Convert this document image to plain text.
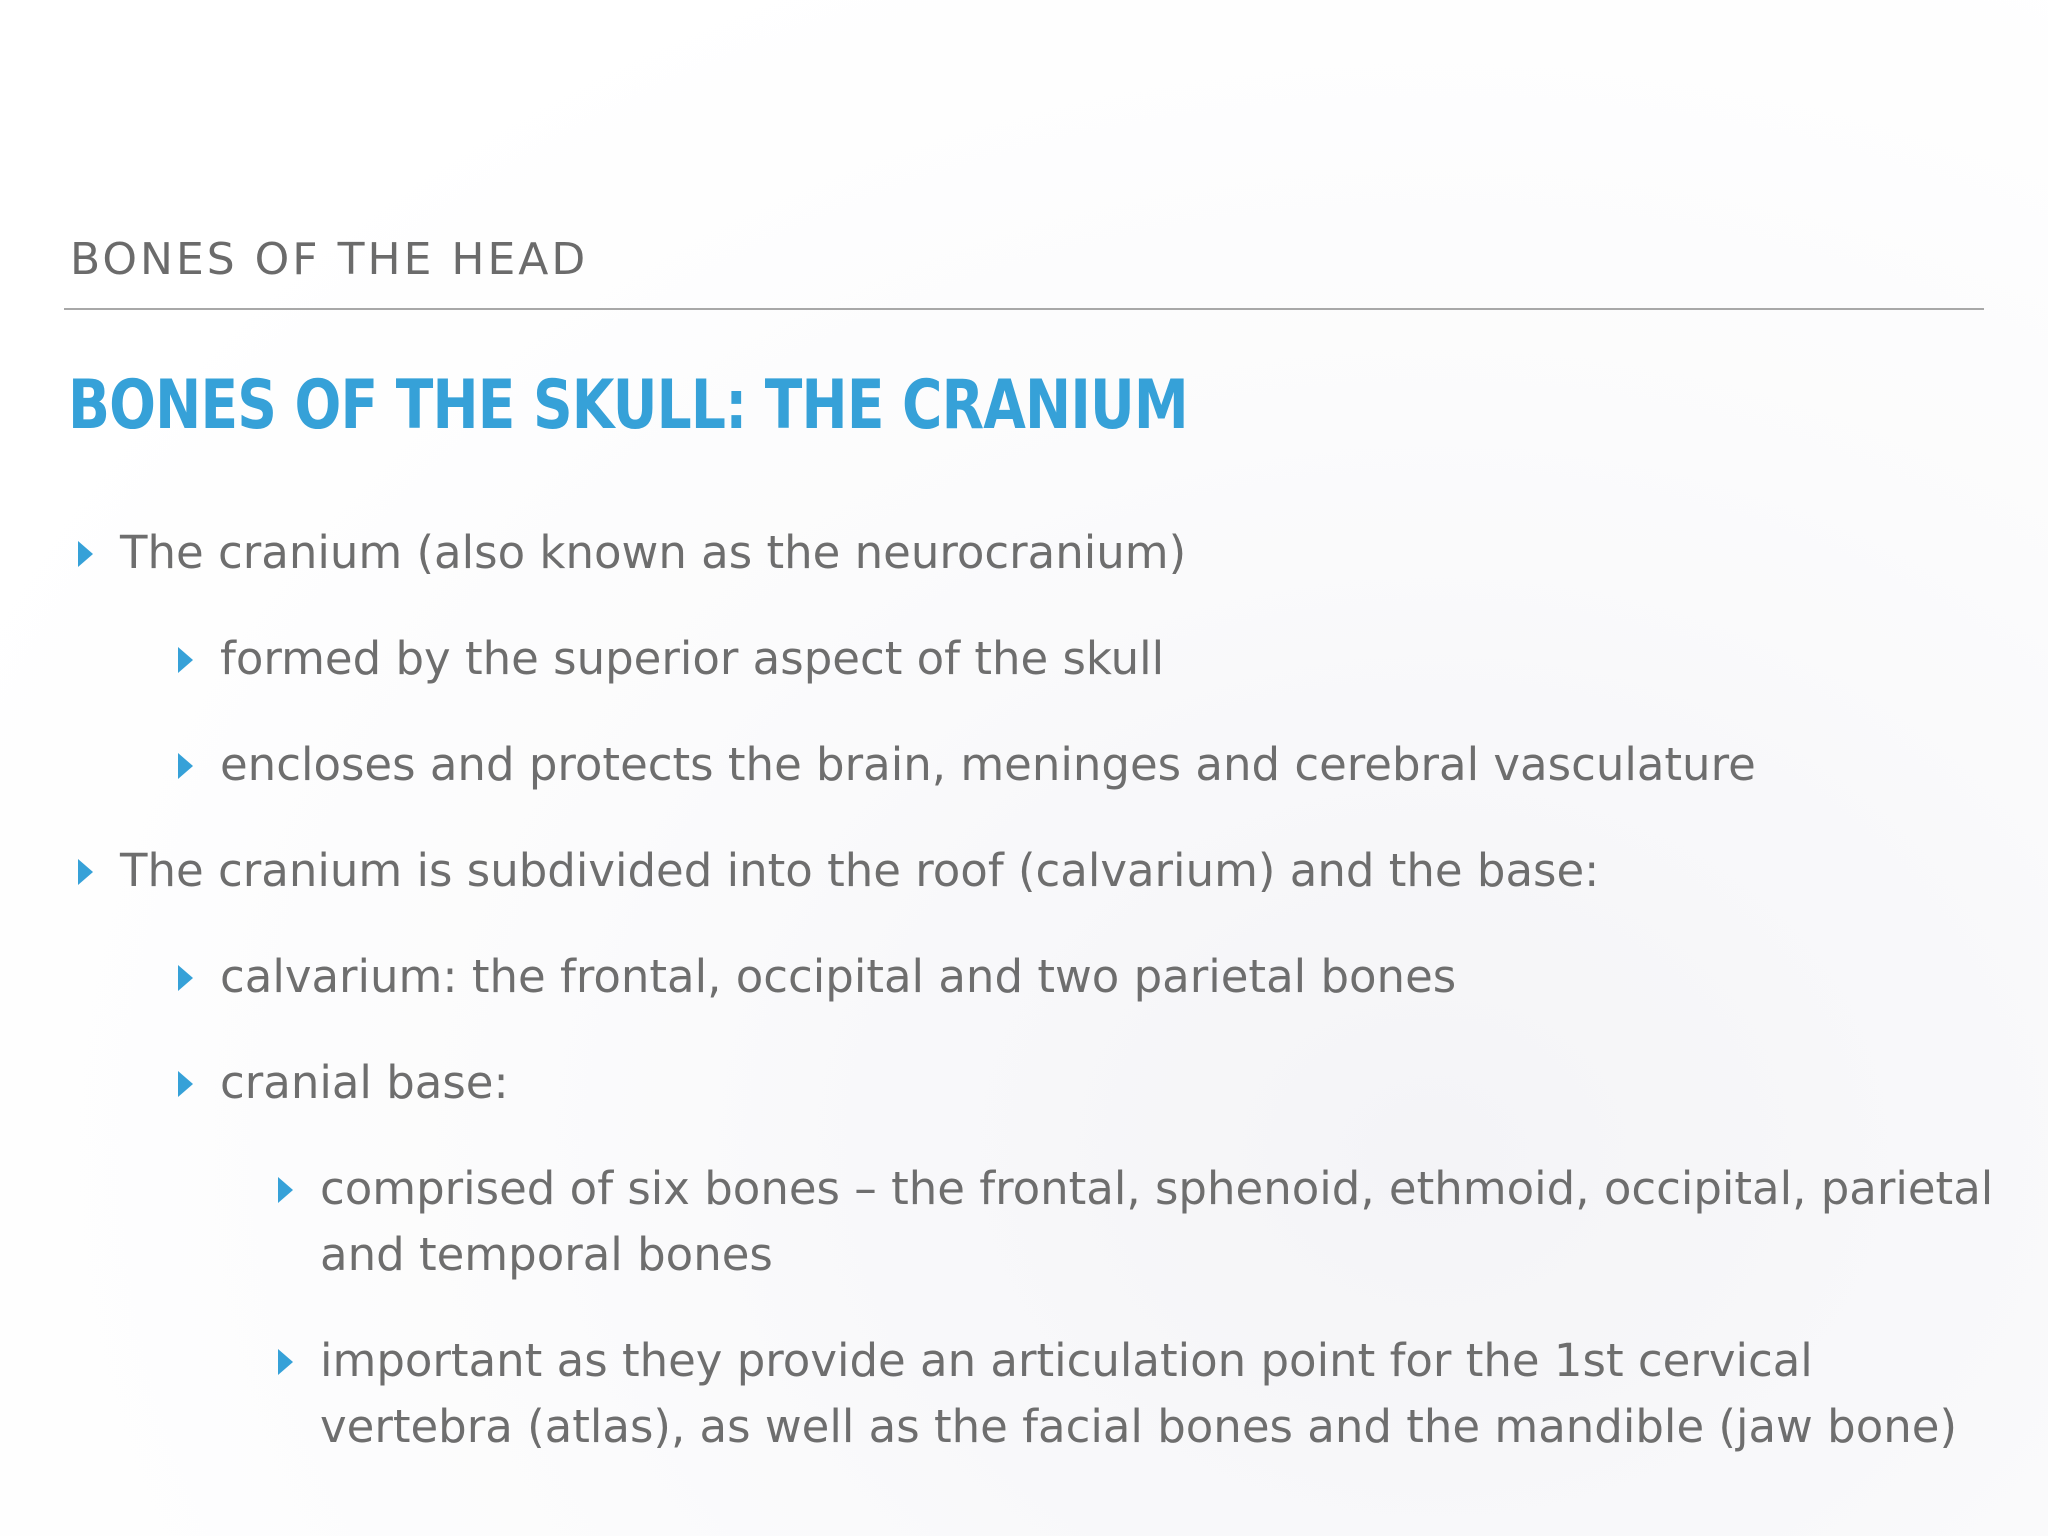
BONES OF THE HEAD
BONES OF THE SKULL: THE CRANIUM
The cranium (also known as the neurocranium)
formed by the superior aspect of the skull
encloses and protects the brain, meninges and cerebral vasculature
The cranium is subdivided into the roof (calvarium) and the base:
calvarium: the frontal, occipital and two parietal bones
cranial base:
comprised of six bones – the frontal, sphenoid, ethmoid, occipital, parietal and temporal bones
important as they provide an articulation point for the 1st cervical vertebra (atlas), as well as the facial bones and the mandible (jaw bone)
